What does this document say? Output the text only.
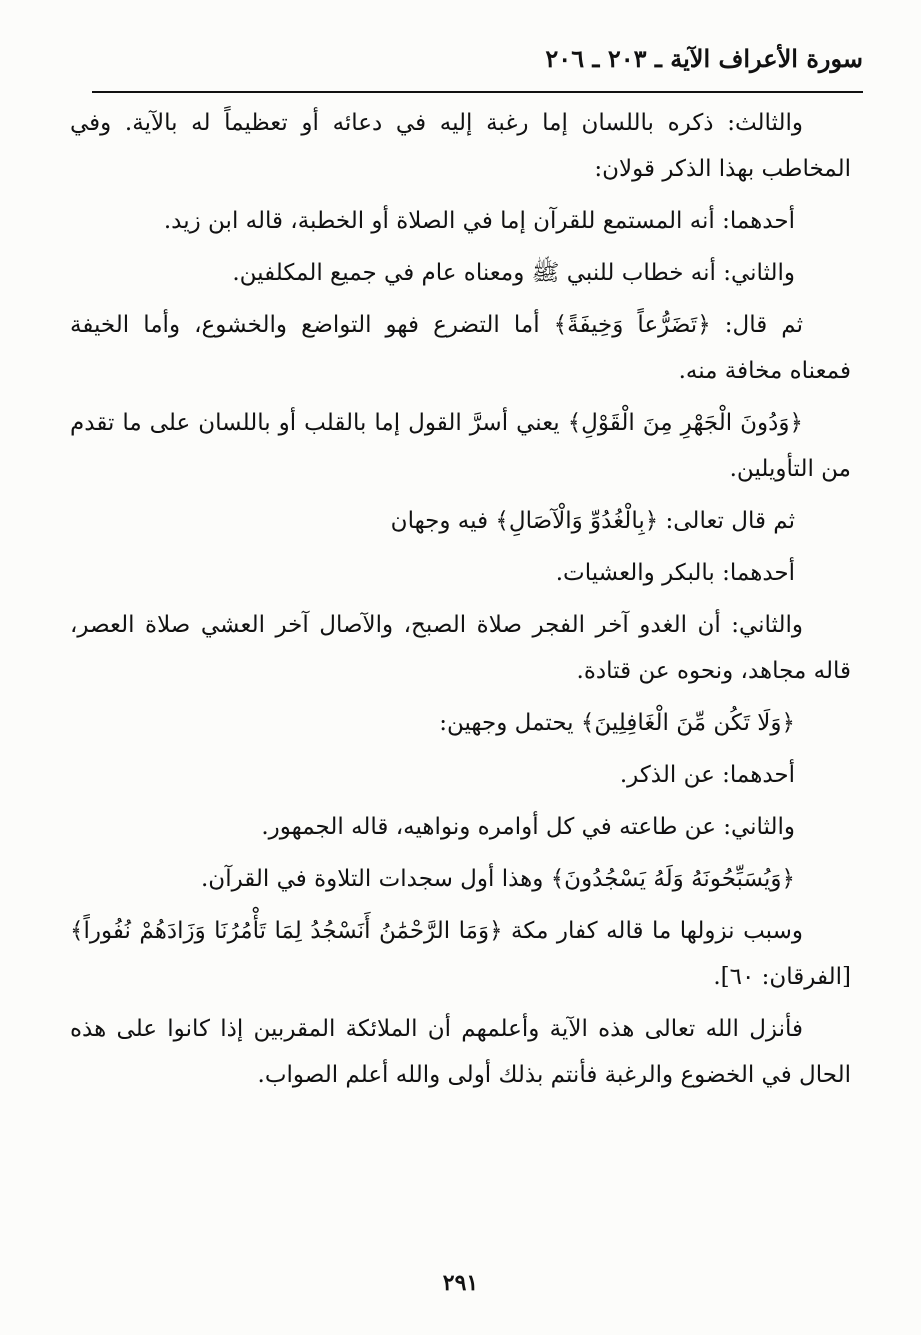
سورة الأعراف الآية ـ ٢٠٣ ـ ٢٠٦

والثالث: ذكره باللسان إما رغبة إليه في دعائه أو تعظيماً له بالآية. وفي المخاطب بهذا الذكر قولان:

أحدهما: أنه المستمع للقرآن إما في الصلاة أو الخطبة، قاله ابن زيد.

والثاني: أنه خطاب للنبي ﷺ ومعناه عام في جميع المكلفين.

ثم قال: ﴿تَضَرُّعاً وَخِيفَةً﴾ أما التضرع فهو التواضع والخشوع، وأما الخيفة فمعناه مخافة منه.

﴿وَدُونَ الْجَهْرِ مِنَ الْقَوْلِ﴾ يعني أسرَّ القول إما بالقلب أو باللسان على ما تقدم من التأويلين.

ثم قال تعالى: ﴿بِالْغُدُوِّ وَالْآصَالِ﴾ فيه وجهان

أحدهما: بالبكر والعشيات.

والثاني: أن الغدو آخر الفجر صلاة الصبح، والآصال آخر العشي صلاة العصر، قاله مجاهد، ونحوه عن قتادة.

﴿وَلَا تَكُن مِّنَ الْغَافِلِينَ﴾ يحتمل وجهين:

أحدهما: عن الذكر.

والثاني: عن طاعته في كل أوامره ونواهيه، قاله الجمهور.

﴿وَيُسَبِّحُونَهُ وَلَهُ يَسْجُدُونَ﴾ وهذا أول سجدات التلاوة في القرآن.

وسبب نزولها ما قاله كفار مكة ﴿وَمَا الرَّحْمَٰنُ أَنَسْجُدُ لِمَا تَأْمُرُنَا وَزَادَهُمْ نُفُوراً﴾ [الفرقان: ٦٠].

فأنزل الله تعالى هذه الآية وأعلمهم أن الملائكة المقربين إذا كانوا على هذه الحال في الخضوع والرغبة فأنتم بذلك أولى والله أعلم الصواب.

٢٩١
